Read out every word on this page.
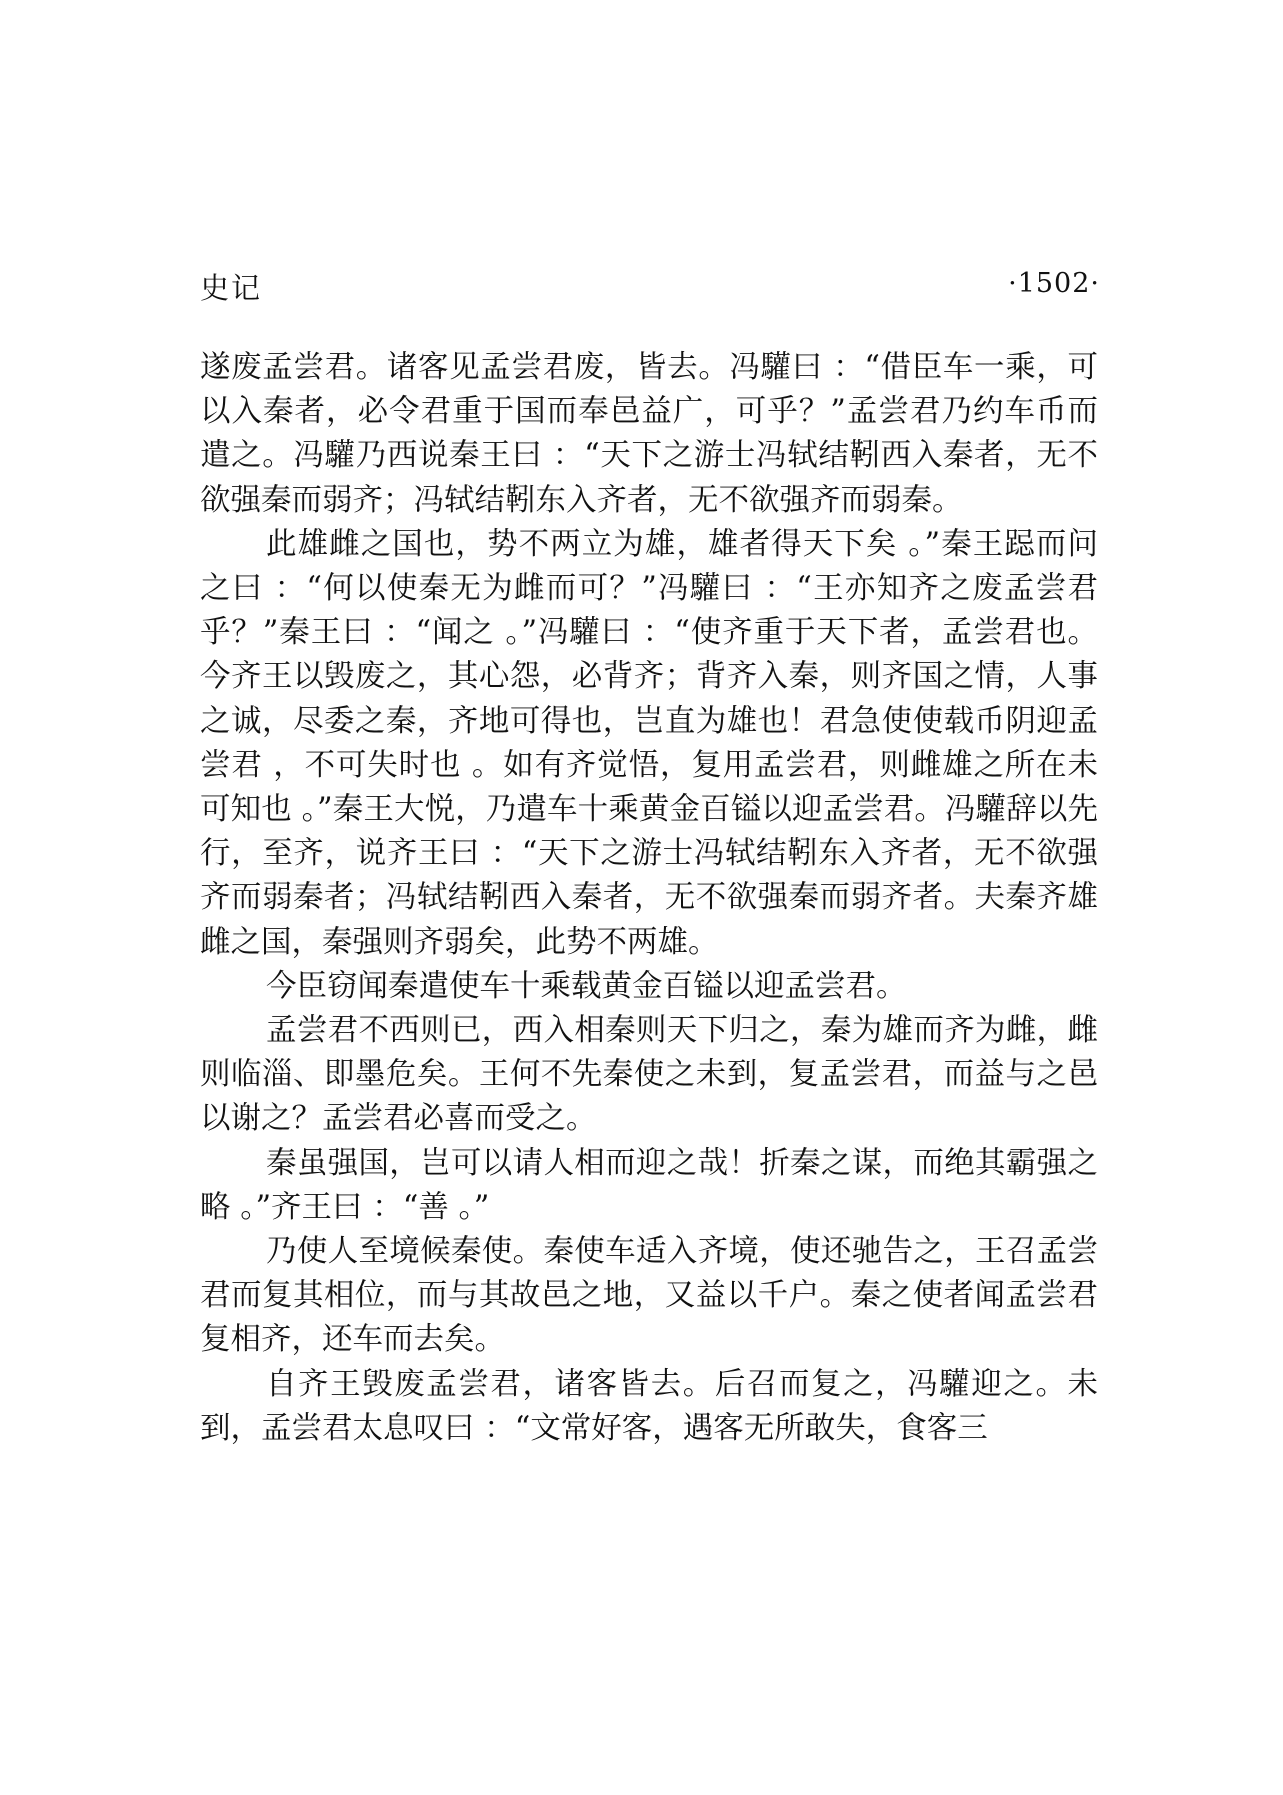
史记	·1502·

遂废孟尝君。诸客见孟尝君废，皆去。冯驩曰 ：“借臣车一乘，可以入秦者，必令君重于国而奉邑益广，可乎？”孟尝君乃约车币而遣之。冯驩乃西说秦王曰 ：“天下之游士冯轼结靷西入秦者，无不欲强秦而弱齐；冯轼结靷东入齐者，无不欲强齐而弱秦。

此雄雌之国也，势不两立为雄，雄者得天下矣 。”秦王跽而问之曰 ：“何以使秦无为雌而可？”冯驩曰 ：“王亦知齐之废孟尝君乎？”秦王曰 ：“闻之 。”冯驩曰 ：“使齐重于天下者，孟尝君也。今齐王以毁废之，其心怨，必背齐；背齐入秦，则齐国之情，人事之诚，尽委之秦，齐地可得也，岂直为雄也！君急使使载币阴迎孟尝君 ，不可失时也 。如有齐觉悟，复用孟尝君，则雌雄之所在未可知也 。”秦王大悦，乃遣车十乘黄金百镒以迎孟尝君。冯驩辞以先行，至齐，说齐王曰 ：“天下之游士冯轼结靷东入齐者，无不欲强齐而弱秦者；冯轼结靷西入秦者，无不欲强秦而弱齐者。夫秦齐雄雌之国，秦强则齐弱矣，此势不两雄。

今臣窃闻秦遣使车十乘载黄金百镒以迎孟尝君。

孟尝君不西则已，西入相秦则天下归之，秦为雄而齐为雌，雌则临淄、即墨危矣。王何不先秦使之未到，复孟尝君，而益与之邑以谢之？孟尝君必喜而受之。

秦虽强国，岂可以请人相而迎之哉！折秦之谋，而绝其霸强之略 。”齐王曰 ：“善 。”

乃使人至境候秦使。秦使车适入齐境，使还驰告之，王召孟尝君而复其相位，而与其故邑之地，又益以千户。秦之使者闻孟尝君复相齐，还车而去矣。

自齐王毁废孟尝君，诸客皆去。后召而复之，冯驩迎之。未到，孟尝君太息叹曰 ：“文常好客，遇客无所敢失，食客三
